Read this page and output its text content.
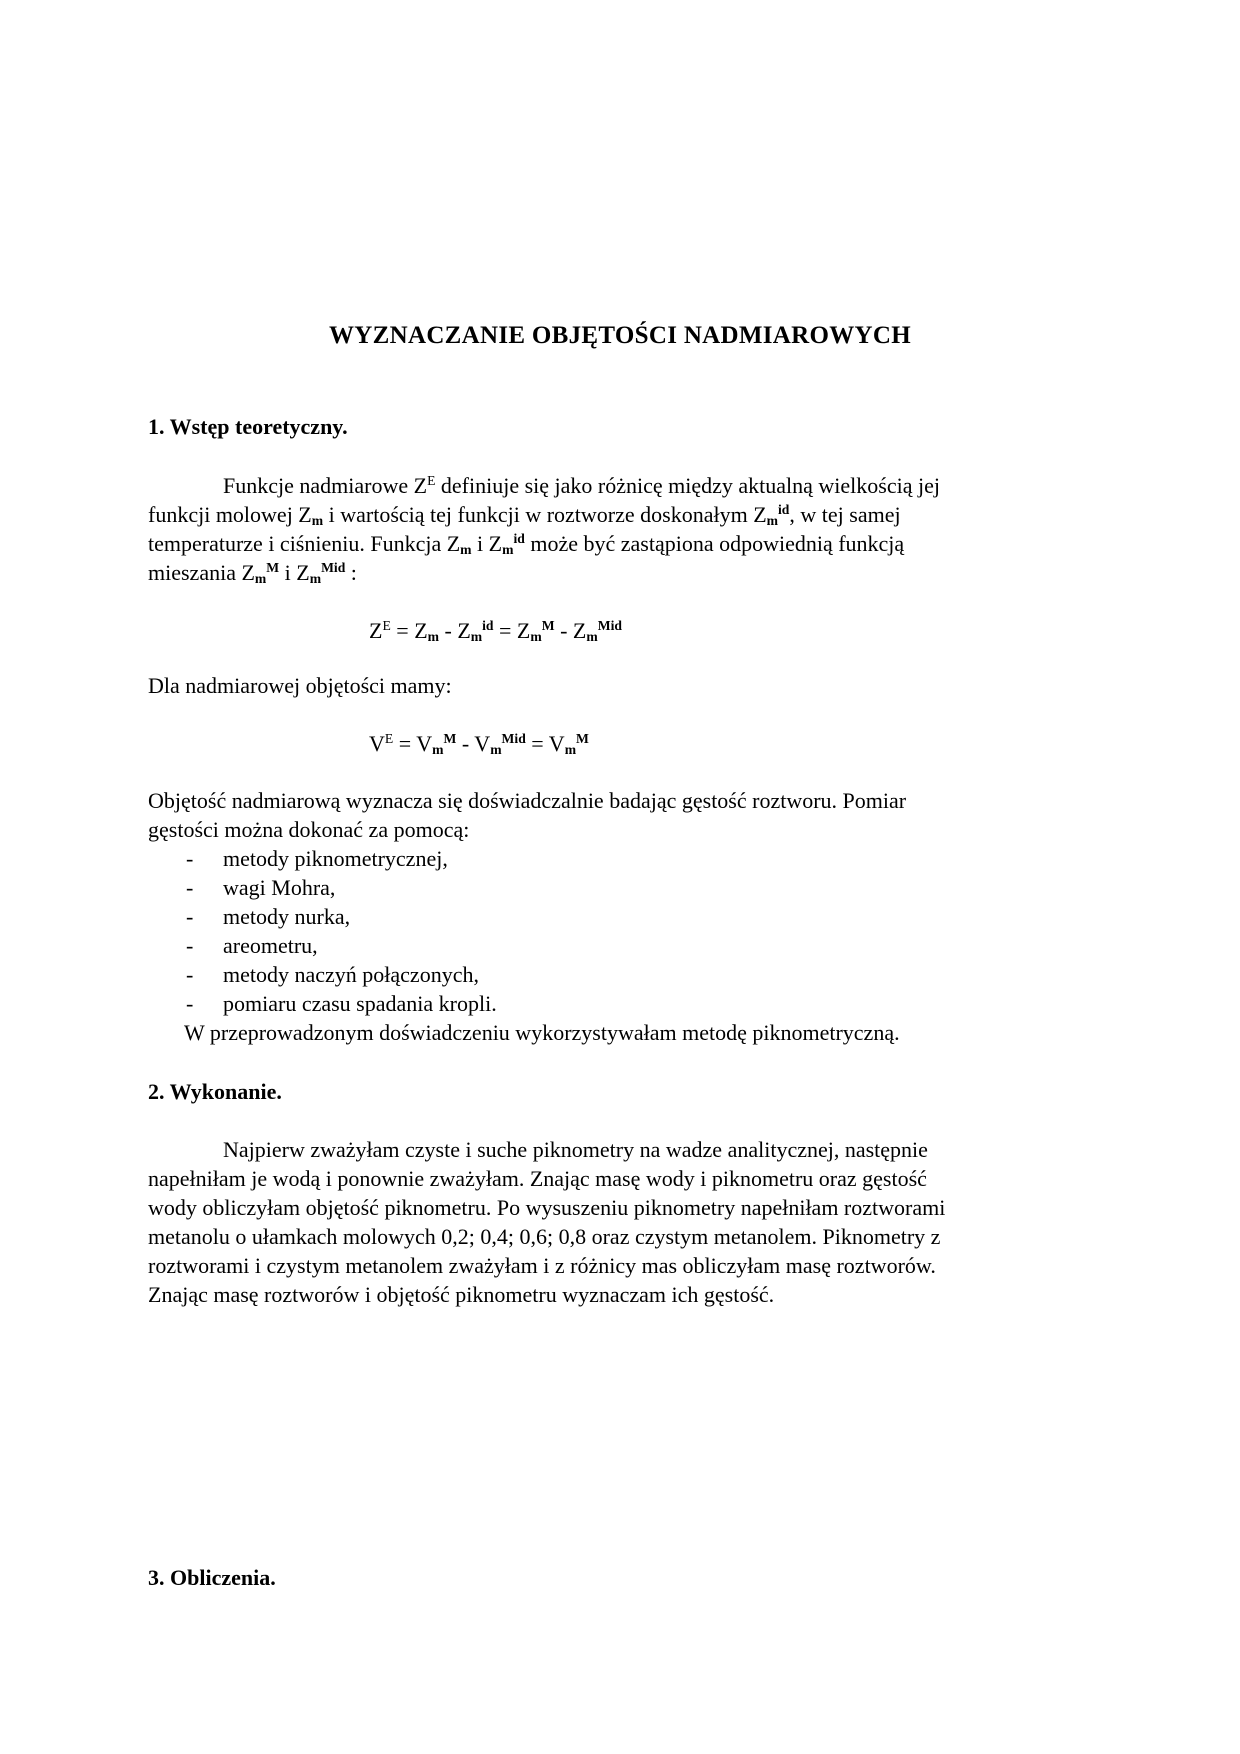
WYZNACZANIE OBJĘTOŚCI NADMIAROWYCH

1. Wstęp teoretyczny.

Funkcje nadmiarowe $Z^E$ definiuje się jako różnicę między aktualną wielkością jej

funkcji molowej $Z_m$ i wartością tej funkcji w roztworze doskonałym $Z_m^{id}$, w tej samej

temperaturze i ciśnieniu. Funkcja $Z_m$ i $Z_m^{id}$ może być zastąpiona odpowiednią funkcją

mieszania $Z_m^M$ i $Z_m^{Mid}$ :

$Z^E = Z_m - Z_m^{id} = Z_m^M - Z_m^{Mid}$

Dla nadmiarowej objętości mamy:

$V^E = V_m^M - V_m^{Mid} = V_m^M$

Objętość nadmiarową wyznacza się doświadczalnie badając gęstość roztworu. Pomiar

gęstości można dokonać za pomocą:

- metody piknometrycznej,

- wagi Mohra,

- metody nurka,

- areometru,

- metody naczyń połączonych,

- pomiaru czasu spadania kropli.

W przeprowadzonym doświadczeniu wykorzystywałam metodę piknometryczną.

2. Wykonanie.

Najpierw zważyłam czyste i suche piknometry na wadze analitycznej, następnie

napełniłam je wodą i ponownie zważyłam. Znając masę wody i piknometru oraz gęstość

wody obliczyłam objętość piknometru. Po wysuszeniu piknometry napełniłam roztworami

metanolu o ułamkach molowych 0,2; 0,4; 0,6; 0,8 oraz czystym metanolem. Piknometry z

roztworami i czystym metanolem zważyłam i z różnicy mas obliczyłam masę roztworów.

Znając masę roztworów i objętość piknometru wyznaczam ich gęstość.

3. Obliczenia.
